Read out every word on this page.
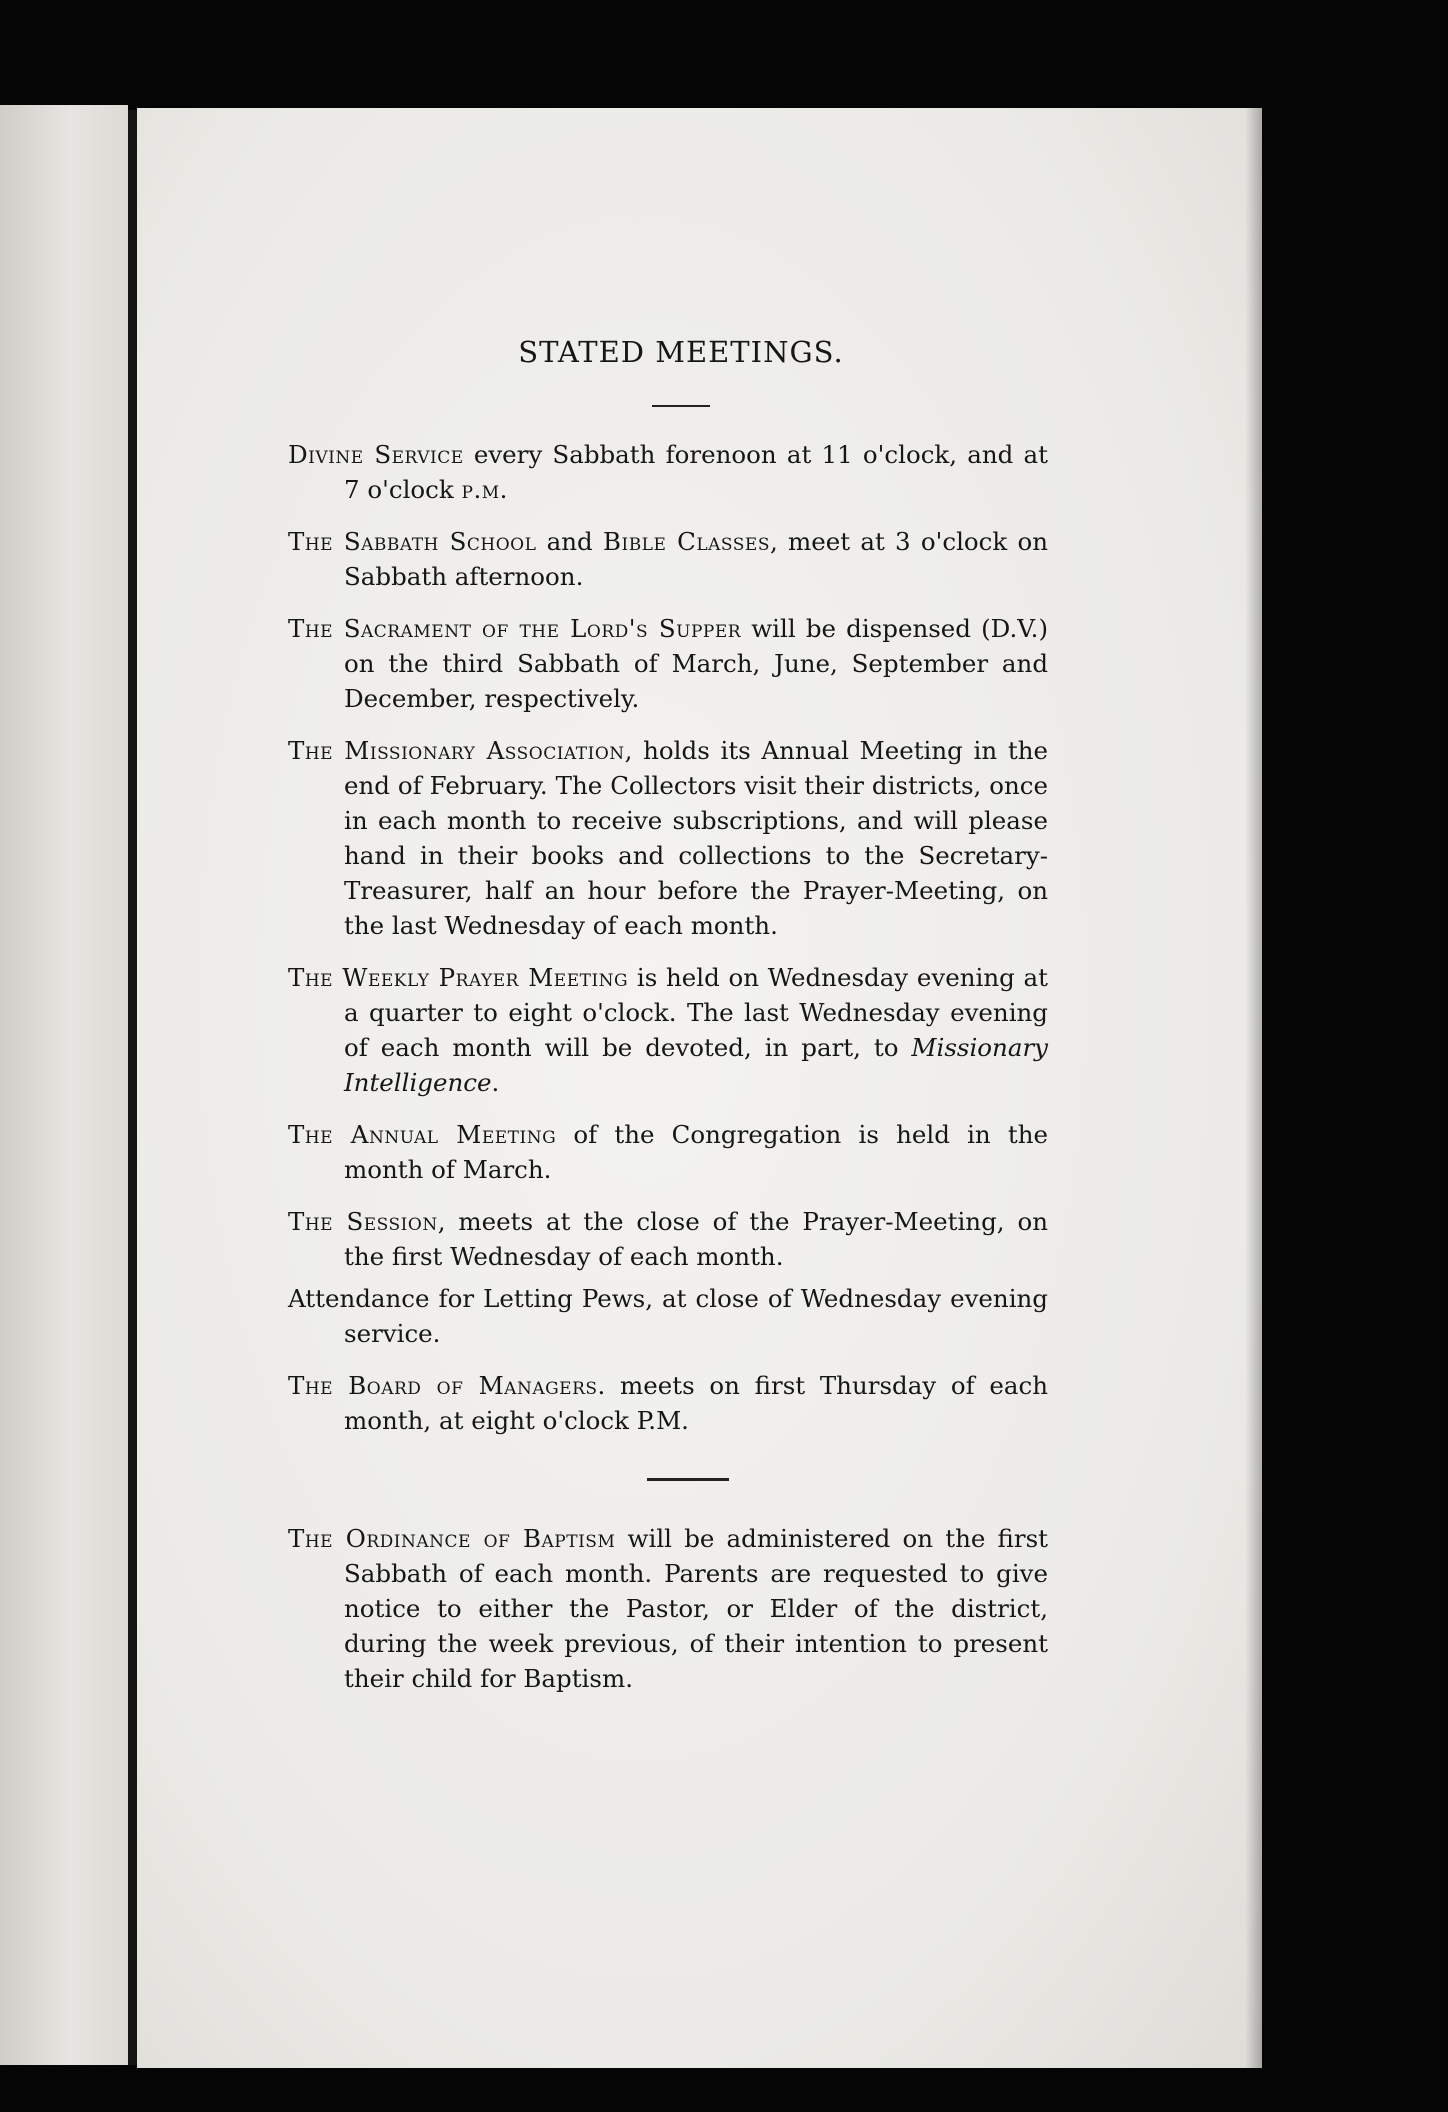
STATED MEETINGS.

Divine Service every Sabbath forenoon at 11 o'clock, and at 7 o'clock p.m.

The Sabbath School and Bible Classes, meet at 3 o'clock on Sabbath afternoon.

The Sacrament of the Lord's Supper will be dispensed (D.V.) on the third Sabbath of March, June, September and December, respectively.

The Missionary Association, holds its Annual Meeting in the end of February. The Collectors visit their districts, once in each month to receive subscriptions, and will please hand in their books and collections to the Secretary-Treasurer, half an hour before the Prayer-Meeting, on the last Wednesday of each month.

The Weekly Prayer Meeting is held on Wednesday evening at a quarter to eight o'clock. The last Wednesday evening of each month will be devoted, in part, to Missionary Intelligence.

The Annual Meeting of the Congregation is held in the month of March.

The Session, meets at the close of the Prayer-Meeting, on the first Wednesday of each month.

Attendance for Letting Pews, at close of Wednesday evening service.

The Board of Managers. meets on first Thursday of each month, at eight o'clock P.M.

The Ordinance of Baptism will be administered on the first Sabbath of each month. Parents are requested to give notice to either the Pastor, or Elder of the district, during the week previous, of their intention to present their child for Baptism.
